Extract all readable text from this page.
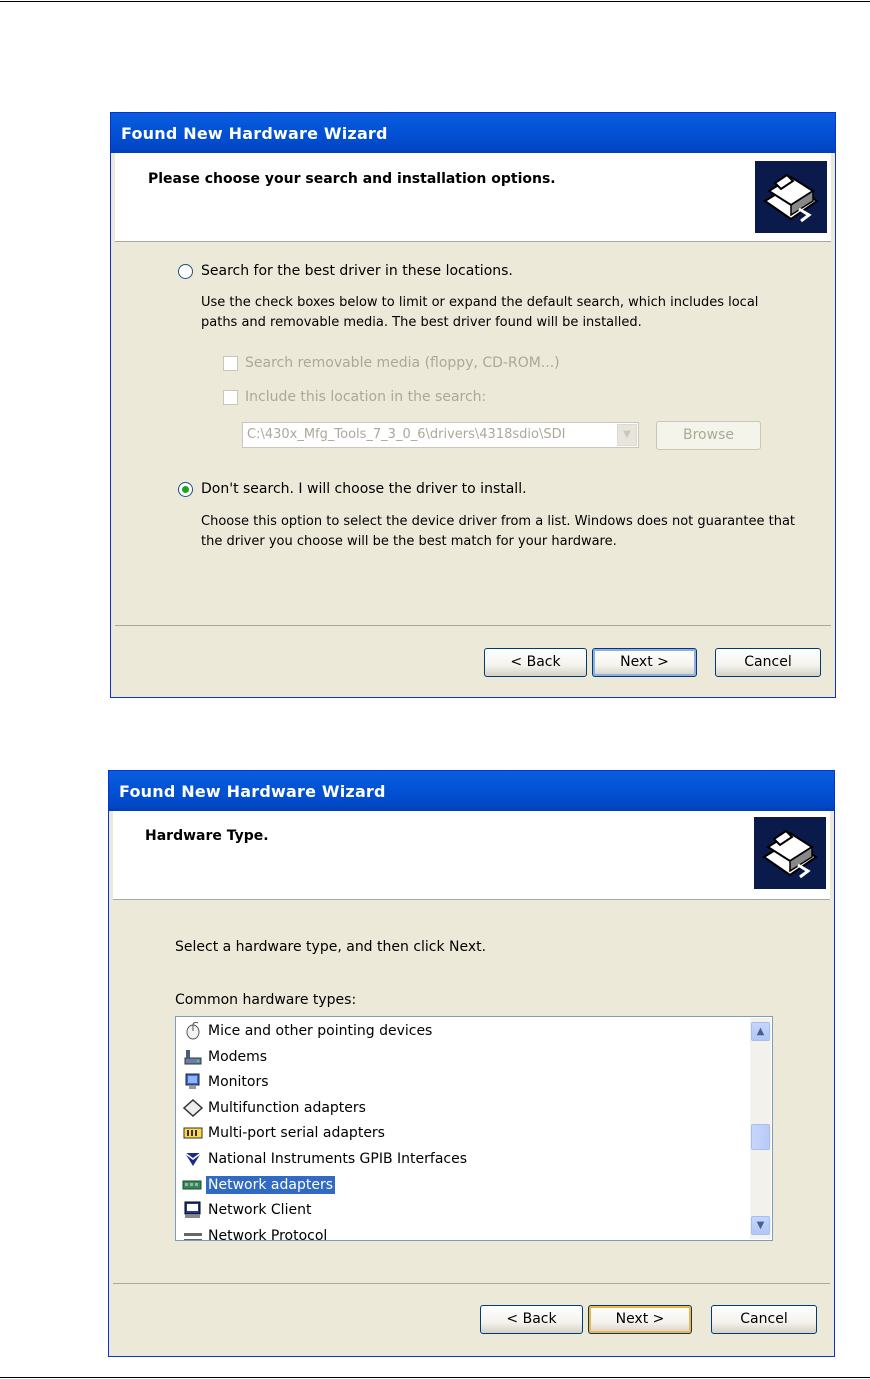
Found New Hardware Wizard
Please choose your search and installation options.
Search for the best driver in these locations.
Use the check boxes below to limit or expand the default search, which includes local
paths and removable media. The best driver found will be installed.
Search removable media (floppy, CD-ROM...)
Include this location in the search:
C:\430x_Mfg_Tools_7_3_0_6\drivers\4318sdio\SDI	▼	Browse
Don't search. I will choose the driver to install.
Choose this option to select the device driver from a list. Windows does not guarantee that
the driver you choose will be the best match for your hardware.
< Back	Next >	Cancel
Found New Hardware Wizard
Hardware Type.
Select a hardware type, and then click Next.
Common hardware types:
Mice and other pointing devices
Modems
Monitors
Multifunction adapters
Multi-port serial adapters
National Instruments GPIB Interfaces
Network adapters
Network Client
Network Protocol
▲
▼
< Back	Next >	Cancel
